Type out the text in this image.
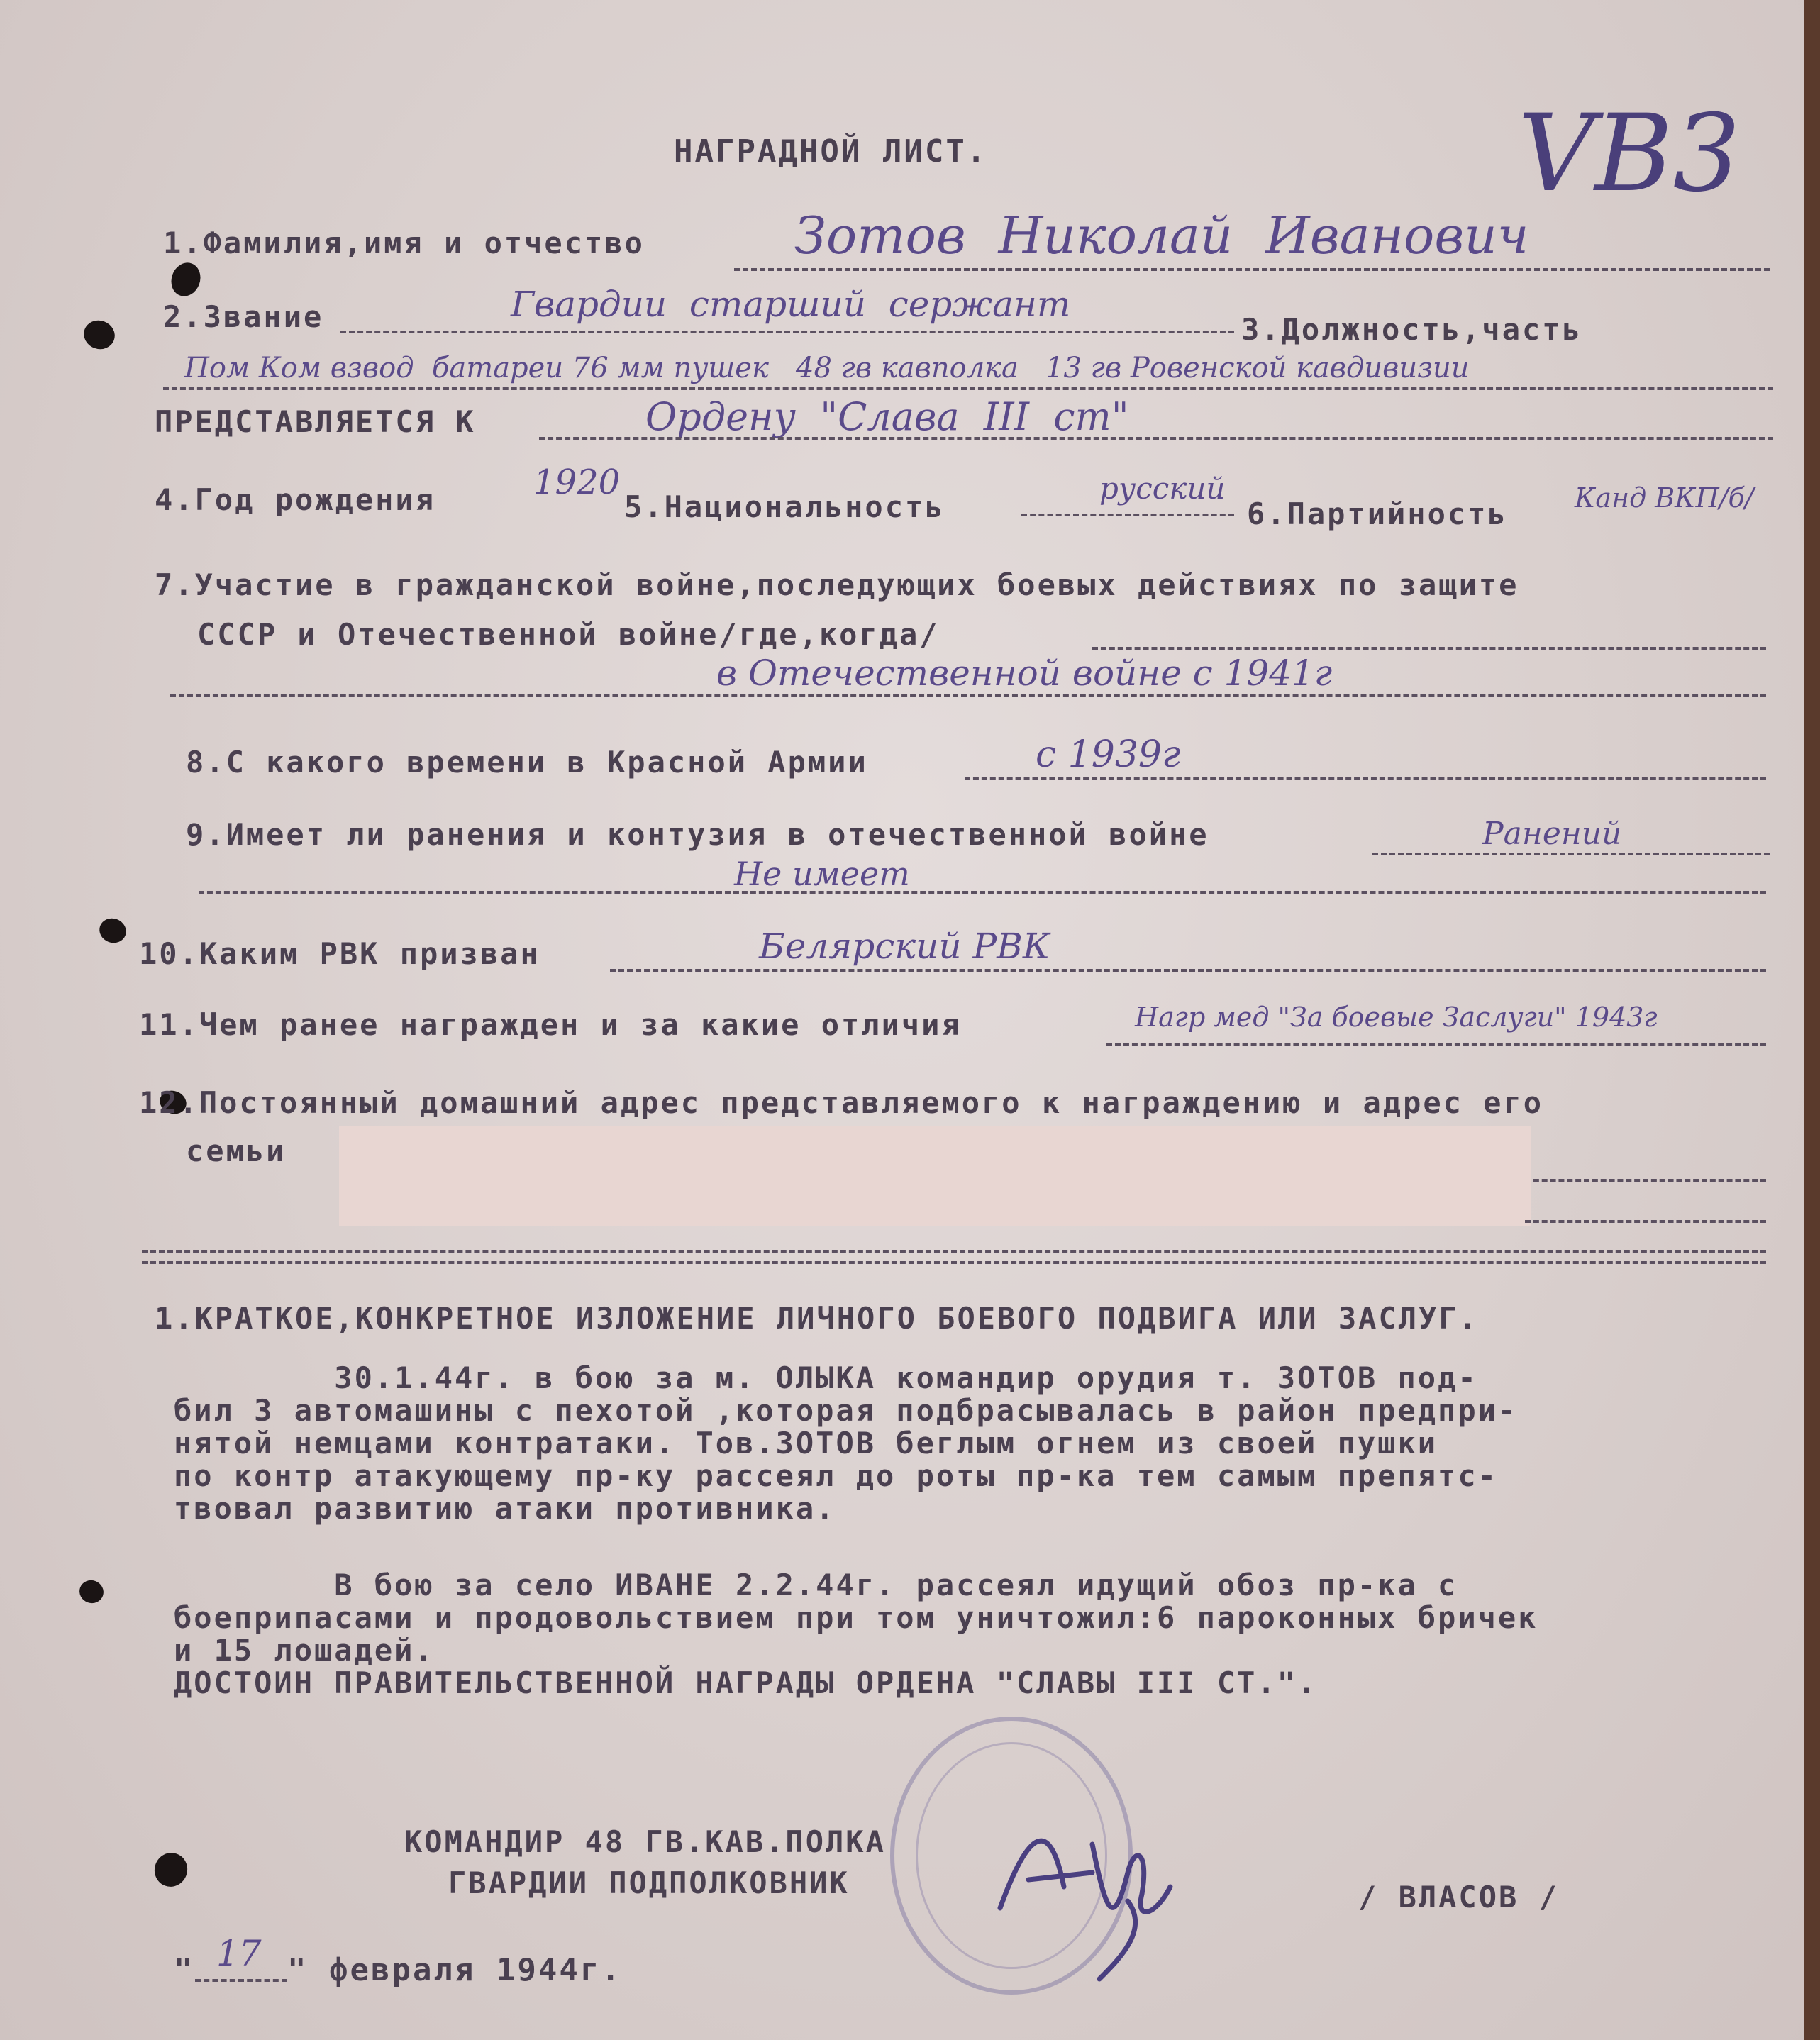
НАГРАДНОЙ ЛИСТ.	VB3
1.Фамилия,имя и отчество	Зотов  Николай  Иванович
2.Звание	Гвардии  старший  сержант
3.Должность,часть
Пом Ком взвод  батареи 76 мм пушек   48 гв кавполка   13 гв Ровенской кавдивизии
ПРЕДСТАВЛЯЕТСЯ К	Ордену  "Слава  III  ст"
4.Год рождения	1920
5.Национальность
русский
6.Партийность Канд ВКП/б/
7.Участие в гражданской войне,последующих боевых действиях по защите
СССР и Отечественной войне/где,когда/
в Отечественной войне с 1941г
8.С какого времени в Красной Армии	с 1939г
9.Имеет ли ранения и контузия в отечественной войне	Ранений
Не имеет
10.Каким РВК призван	Белярский РВК
11.Чем ранее награжден и за какие отличия	Нагр мед "За боевые Заслуги" 1943г
12.Постоянный домашний адрес представляемого к награждению и адрес его
семьи
1.КРАТКОЕ,КОНКРЕТНОЕ ИЗЛОЖЕНИЕ ЛИЧНОГО БОЕВОГО ПОДВИГА ИЛИ ЗАСЛУГ.
30.1.44г. в бою за м. ОЛЫКА командир орудия т. ЗОТОВ под-
бил 3 автомашины с пехотой ,которая подбрасывалась в район предпри-
нятой немцами контратаки. Тов.ЗОТОВ беглым огнем из своей пушки
по контр атакующему пр-ку рассеял до роты пр-ка тем самым препятс-
твовал развитию атаки противника.
В бою за село ИВАНЕ 2.2.44г. рассеял идущий обоз пр-ка с
боеприпасами и продовольствием при том уничтожил:6 пароконных бричек
и 15 лошадей.
ДОСТОИН ПРАВИТЕЛЬСТВЕННОЙ НАГРАДЫ ОРДЕНА "СЛАВЫ III СТ.".
КОМАНДИР 48 ГВ.КАВ.ПОЛКА
ГВАРДИИ ПОДПОЛКОВНИК	/ ВЛАСОВ /
" 17 " февраля 1944г.
